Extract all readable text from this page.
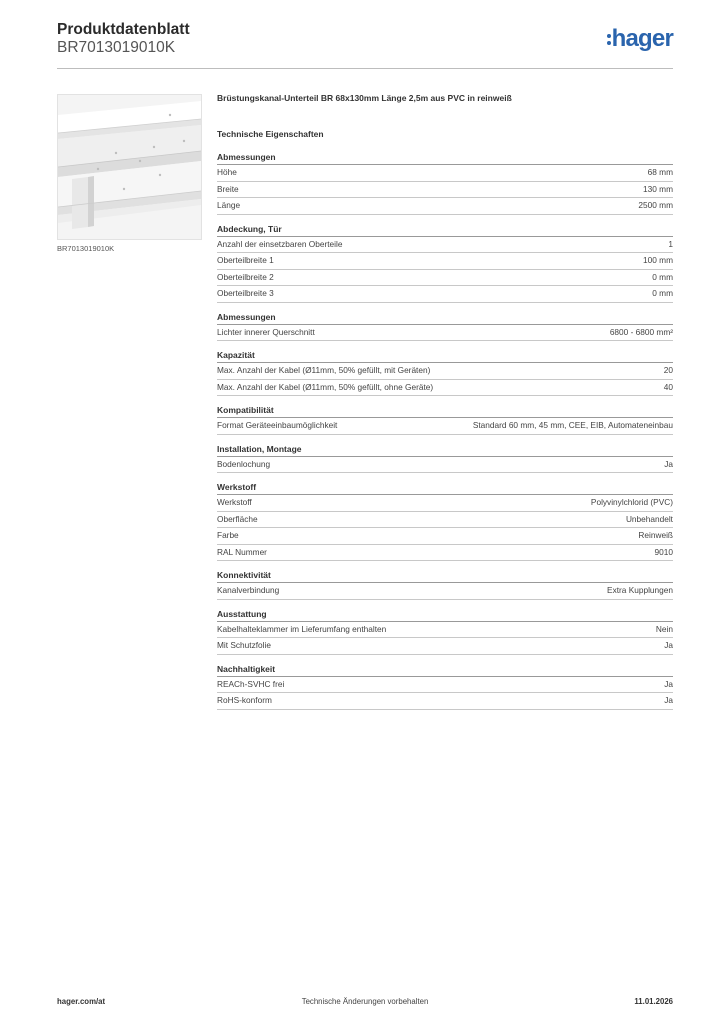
Produktdatenblatt
BR7013019010K	hager
BR7013019010K
Brüstungskanal-Unterteil BR 68x130mm Länge 2,5m aus PVC in reinweiß
Technische Eigenschaften
Abmessungen
Höhe	68 mm
Breite	130 mm
Länge	2500 mm
Abdeckung, Tür
Anzahl der einsetzbaren Oberteile	1
Oberteilbreite 1	100 mm
Oberteilbreite 2	0 mm
Oberteilbreite 3	0 mm
Abmessungen
Lichter innerer Querschnitt	6800 - 6800 mm²
Kapazität
Max. Anzahl der Kabel (Ø11mm, 50% gefüllt, mit Geräten)	20
Max. Anzahl der Kabel (Ø11mm, 50% gefüllt, ohne Geräte)	40
Kompatibilität
Format Geräteeinbaumöglichkeit	Standard 60 mm, 45 mm, CEE, EIB, Automateneinbau
Installation, Montage
Bodenlochung	Ja
Werkstoff
Werkstoff	Polyvinylchlorid (PVC)
Oberfläche	Unbehandelt
Farbe	Reinweiß
RAL Nummer	9010
Konnektivität
Kanalverbindung	Extra Kupplungen
Ausstattung
Kabelhalteklammer im Lieferumfang enthalten	Nein
Mit Schutzfolie	Ja
Nachhaltigkeit
REACh-SVHC frei	Ja
RoHS-konform	Ja
hager.com/at	Technische Änderungen vorbehalten	11.01.2026
